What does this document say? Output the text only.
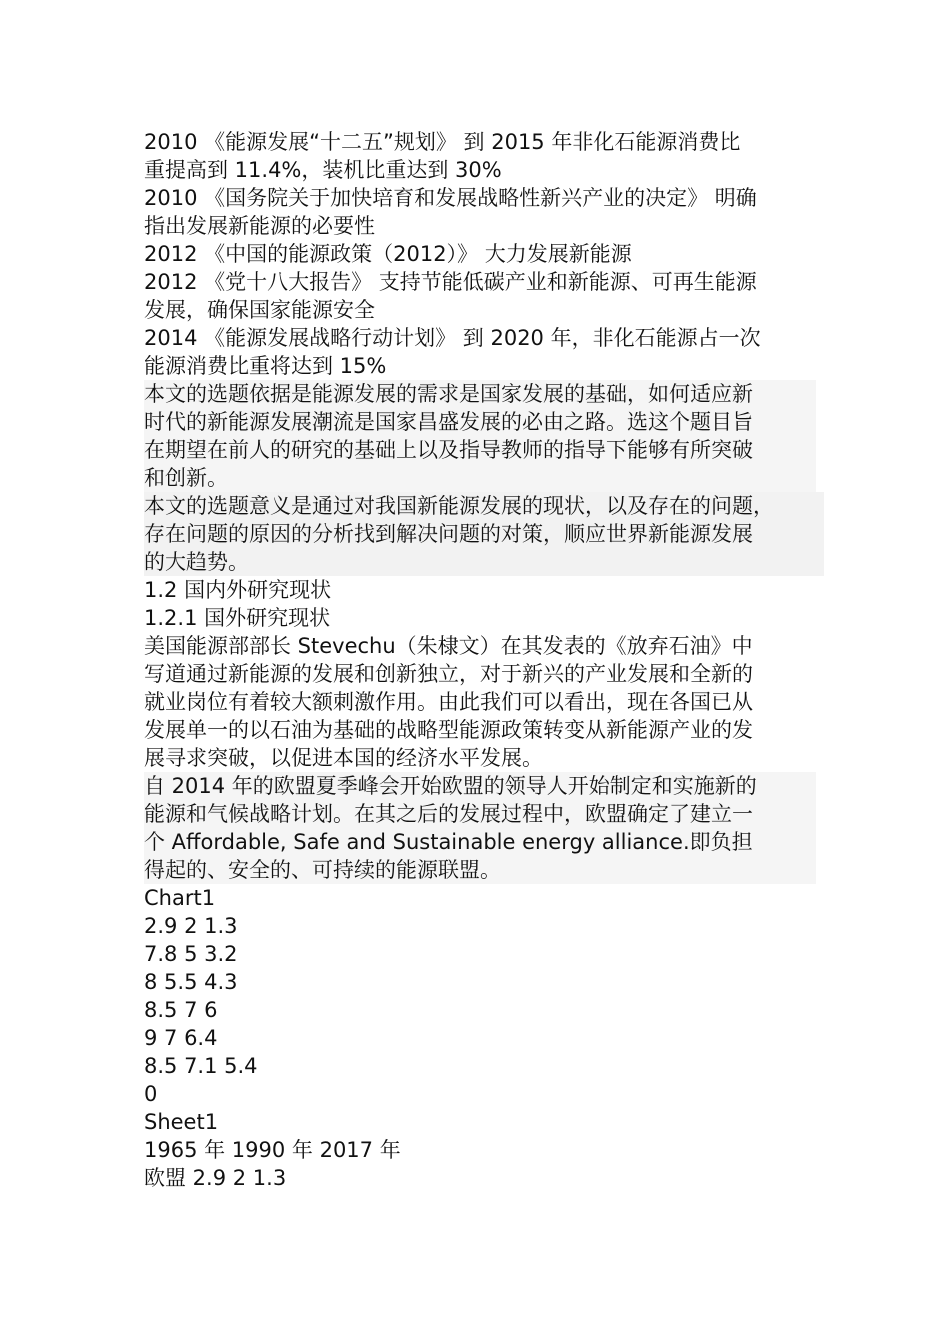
2010 《能源发展“十二五”规划》 到 2015 年非化石能源消费比

重提高到 11.4%，装机比重达到 30%

2010 《国务院关于加快培育和发展战略性新兴产业的决定》 明确

指出发展新能源的必要性

2012 《中国的能源政策（2012）》 大力发展新能源

2012 《党十八大报告》 支持节能低碳产业和新能源、可再生能源

发展，确保国家能源安全

2014 《能源发展战略行动计划》 到 2020 年，非化石能源占一次

能源消费比重将达到 15%

本文的选题依据是能源发展的需求是国家发展的基础，如何适应新

时代的新能源发展潮流是国家昌盛发展的必由之路。选这个题目旨

在期望在前人的研究的基础上以及指导教师的指导下能够有所突破

和创新。

本文的选题意义是通过对我国新能源发展的现状，以及存在的问题，

存在问题的原因的分析找到解决问题的对策，顺应世界新能源发展

的大趋势。

1.2 国内外研究现状

1.2.1 国外研究现状

美国能源部部长 Stevechu（朱棣文）在其发表的《放弃石油》中

写道通过新能源的发展和创新独立，对于新兴的产业发展和全新的

就业岗位有着较大额刺激作用。由此我们可以看出，现在各国已从

发展单一的以石油为基础的战略型能源政策转变从新能源产业的发

展寻求突破，以促进本国的经济水平发展。

自 2014 年的欧盟夏季峰会开始欧盟的领导人开始制定和实施新的

能源和气候战略计划。在其之后的发展过程中，欧盟确定了建立一

个 Affordable, Safe and Sustainable energy alliance.即负担

得起的、安全的、可持续的能源联盟。

Chart1

2.9 2 1.3

7.8 5 3.2

8 5.5 4.3

8.5 7 6

9 7 6.4

8.5 7.1 5.4

0

Sheet1

1965 年 1990 年 2017 年

欧盟 2.9 2 1.3
